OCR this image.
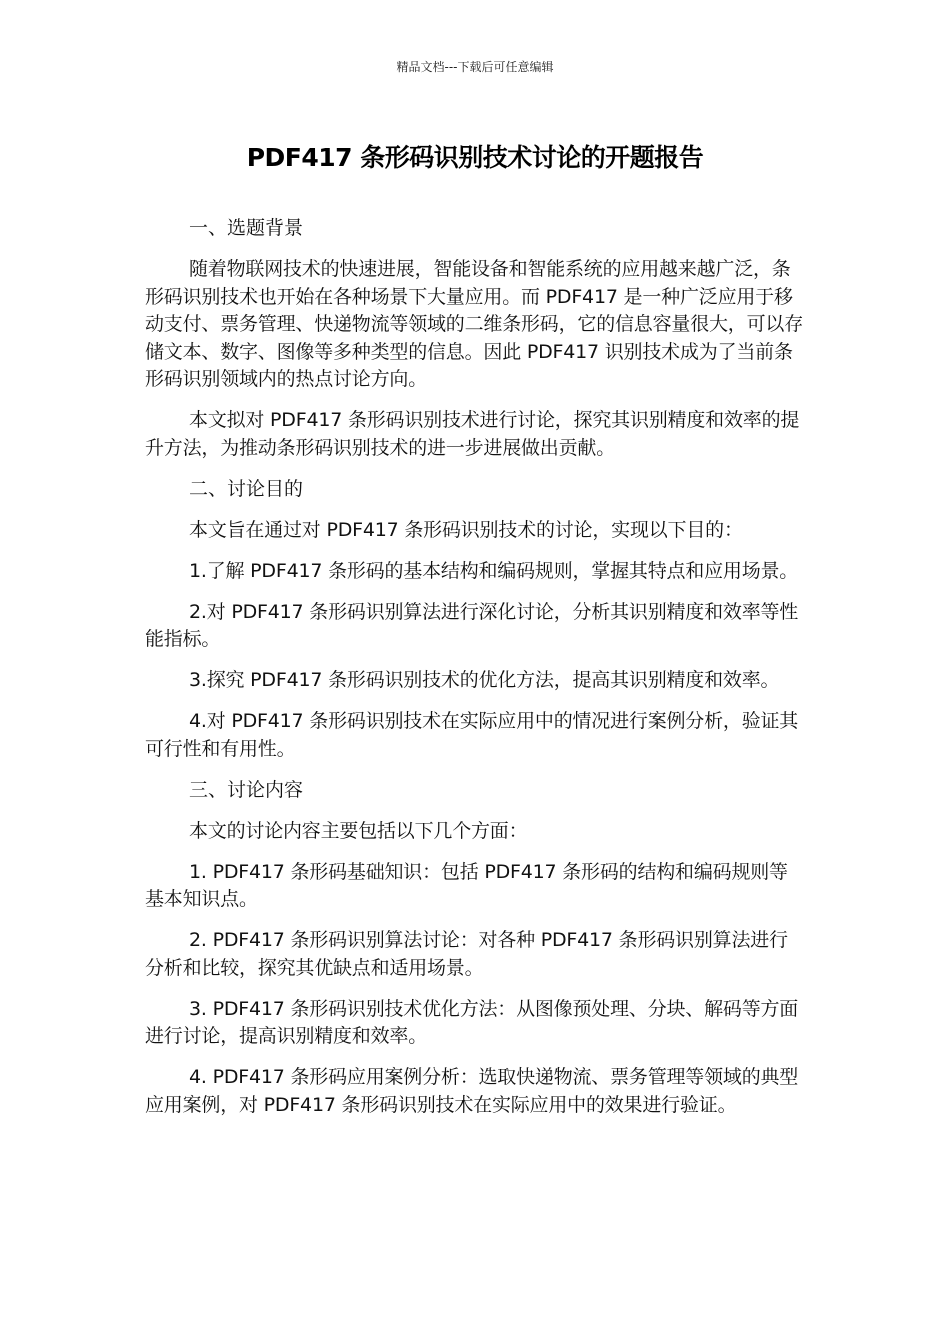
精品文档---下载后可任意编辑
PDF417 条形码识别技术讨论的开题报告

一、选题背景

随着物联网技术的快速进展，智能设备和智能系统的应用越来越广泛，条形码识别技术也开始在各种场景下大量应用。而 PDF417 是一种广泛应用于移动支付、票务管理、快递物流等领域的二维条形码，它的信息容量很大，可以存储文本、数字、图像等多种类型的信息。因此 PDF417 识别技术成为了当前条形码识别领域内的热点讨论方向。

本文拟对 PDF417 条形码识别技术进行讨论，探究其识别精度和效率的提升方法，为推动条形码识别技术的进一步进展做出贡献。

二、讨论目的

本文旨在通过对 PDF417 条形码识别技术的讨论，实现以下目的：

1.了解 PDF417 条形码的基本结构和编码规则，掌握其特点和应用场景。

2.对 PDF417 条形码识别算法进行深化讨论，分析其识别精度和效率等性能指标。

3.探究 PDF417 条形码识别技术的优化方法，提高其识别精度和效率。

4.对 PDF417 条形码识别技术在实际应用中的情况进行案例分析，验证其可行性和有用性。

三、讨论内容

本文的讨论内容主要包括以下几个方面：

1. PDF417 条形码基础知识：包括 PDF417 条形码的结构和编码规则等基本知识点。

2. PDF417 条形码识别算法讨论：对各种 PDF417 条形码识别算法进行分析和比较，探究其优缺点和适用场景。

3. PDF417 条形码识别技术优化方法：从图像预处理、分块、解码等方面进行讨论，提高识别精度和效率。

4. PDF417 条形码应用案例分析：选取快递物流、票务管理等领域的典型应用案例，对 PDF417 条形码识别技术在实际应用中的效果进行验证。
